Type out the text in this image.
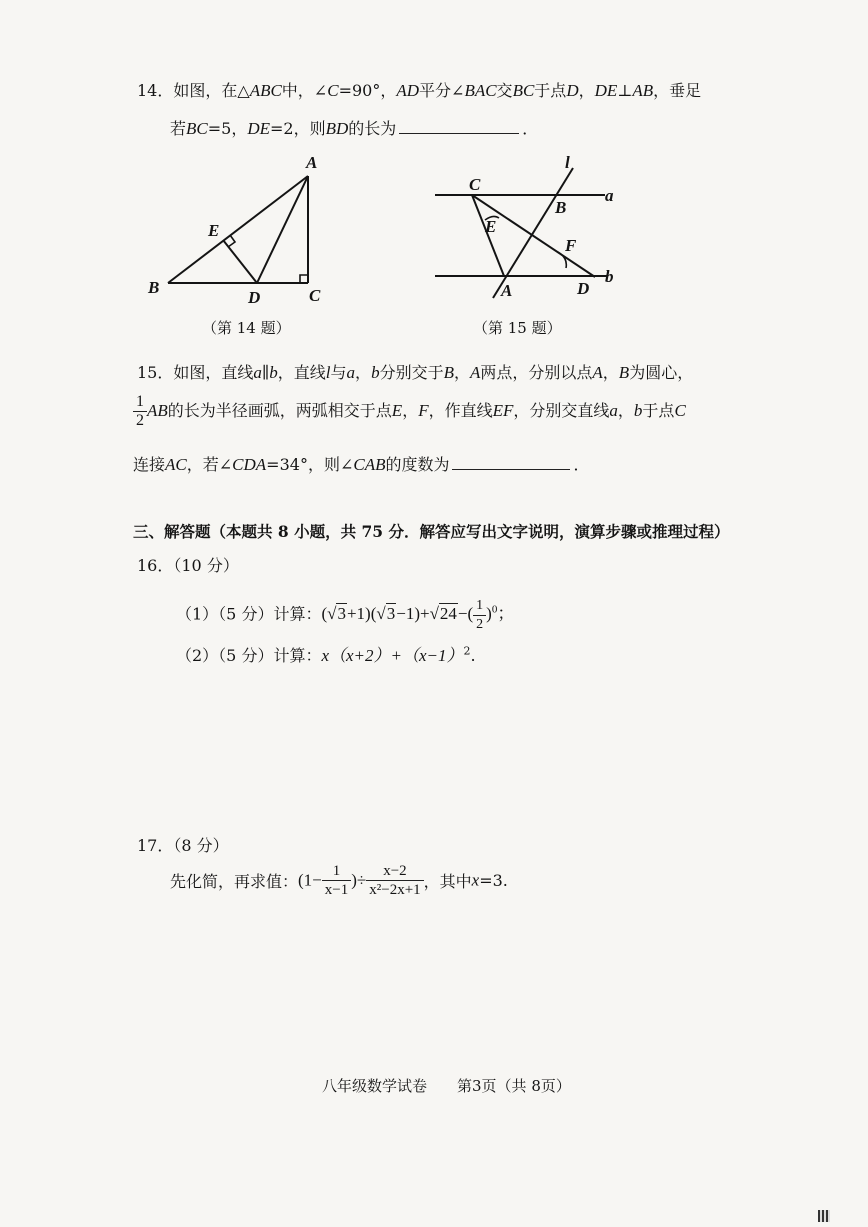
14．如图，在△ABC中，∠C=90°，AD平分∠BAC交BC于点D，DE⊥AB，垂足
若BC=5，DE=2，则BD的长为	．
A
B	C
D
E
（第 14 题）
C
B
a
l
E
F
A	D
b
（第 15 题）
15．如图，直线a∥b，直线l与a，b分别交于B，A两点，分别以点A，B为圆心，
$\frac{1}{2}$ AB的长为半径画弧，两弧相交于点E，F，作直线EF，分别交直线a，b于点C
连接AC，若∠CDA=34°，则∠CAB的度数为	．
三、解答题（本题共 8 小题，共 75 分．解答应写出文字说明，演算步骤或推理过程）
16．（10 分）
（1）（5 分）计算：$(√3+1)(√3-1)+√24-( \frac{1}{2} )^0$；
（2）（5 分）计算：$x(x+2)+(x-1)^2$.
17．（8 分）
先化简，再求值：($1- \frac{1}{x-1}$ )÷ $\frac{x-2}{\text{x²−2x+1}}$ ，其中x=3.
八年级数学试卷　　第3页（共 8页）
